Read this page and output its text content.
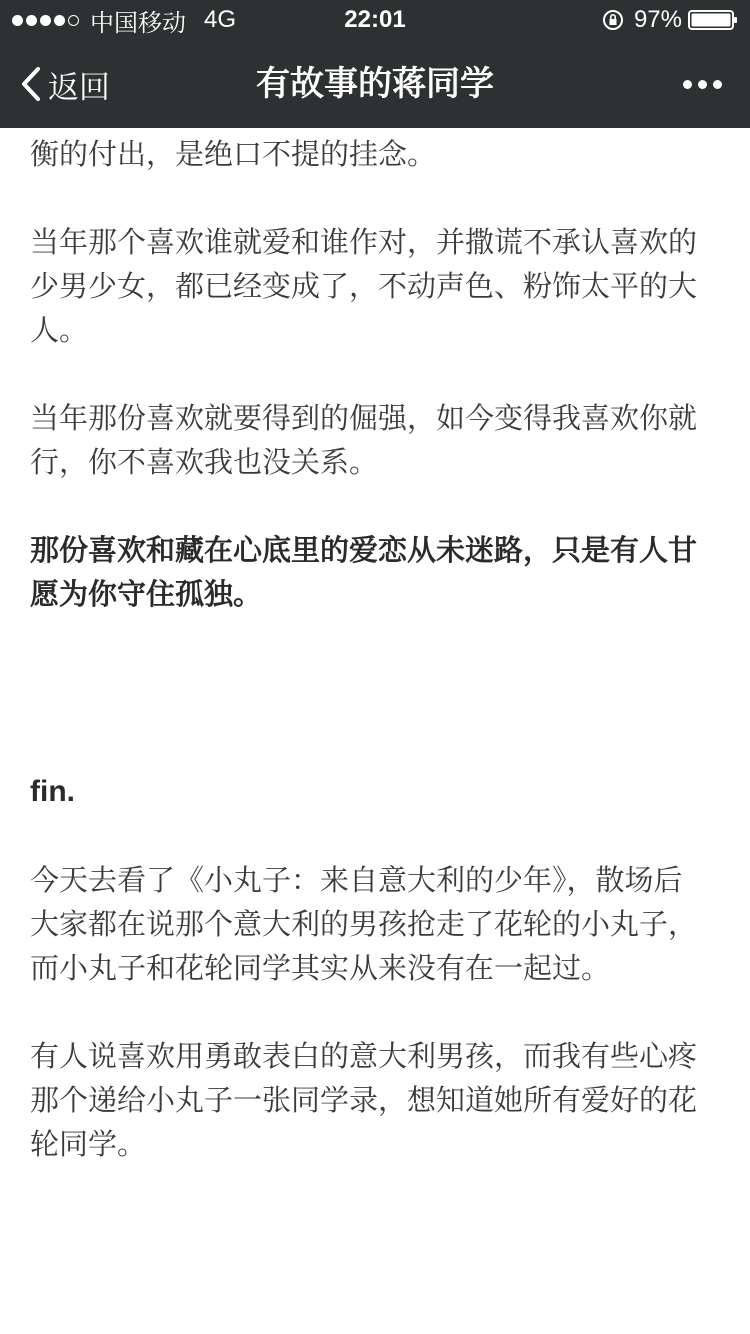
中国移动 4G	22:01	97%
返回	有故事的蒋同学

衡的付出，是绝口不提的挂念。

当年那个喜欢谁就爱和谁作对，并撒谎不承认喜欢的
少男少女，都已经变成了，不动声色、粉饰太平的大
人。

当年那份喜欢就要得到的倔强，如今变得我喜欢你就
行，你不喜欢我也没关系。

那份喜欢和藏在心底里的爱恋从未迷路，只是有人甘
愿为你守住孤独。

fin.

今天去看了《小丸子：来自意大利的少年》，散场后
大家都在说那个意大利的男孩抢走了花轮的小丸子，
而小丸子和花轮同学其实从来没有在一起过。

有人说喜欢用勇敢表白的意大利男孩，而我有些心疼
那个递给小丸子一张同学录，想知道她所有爱好的花
轮同学。
